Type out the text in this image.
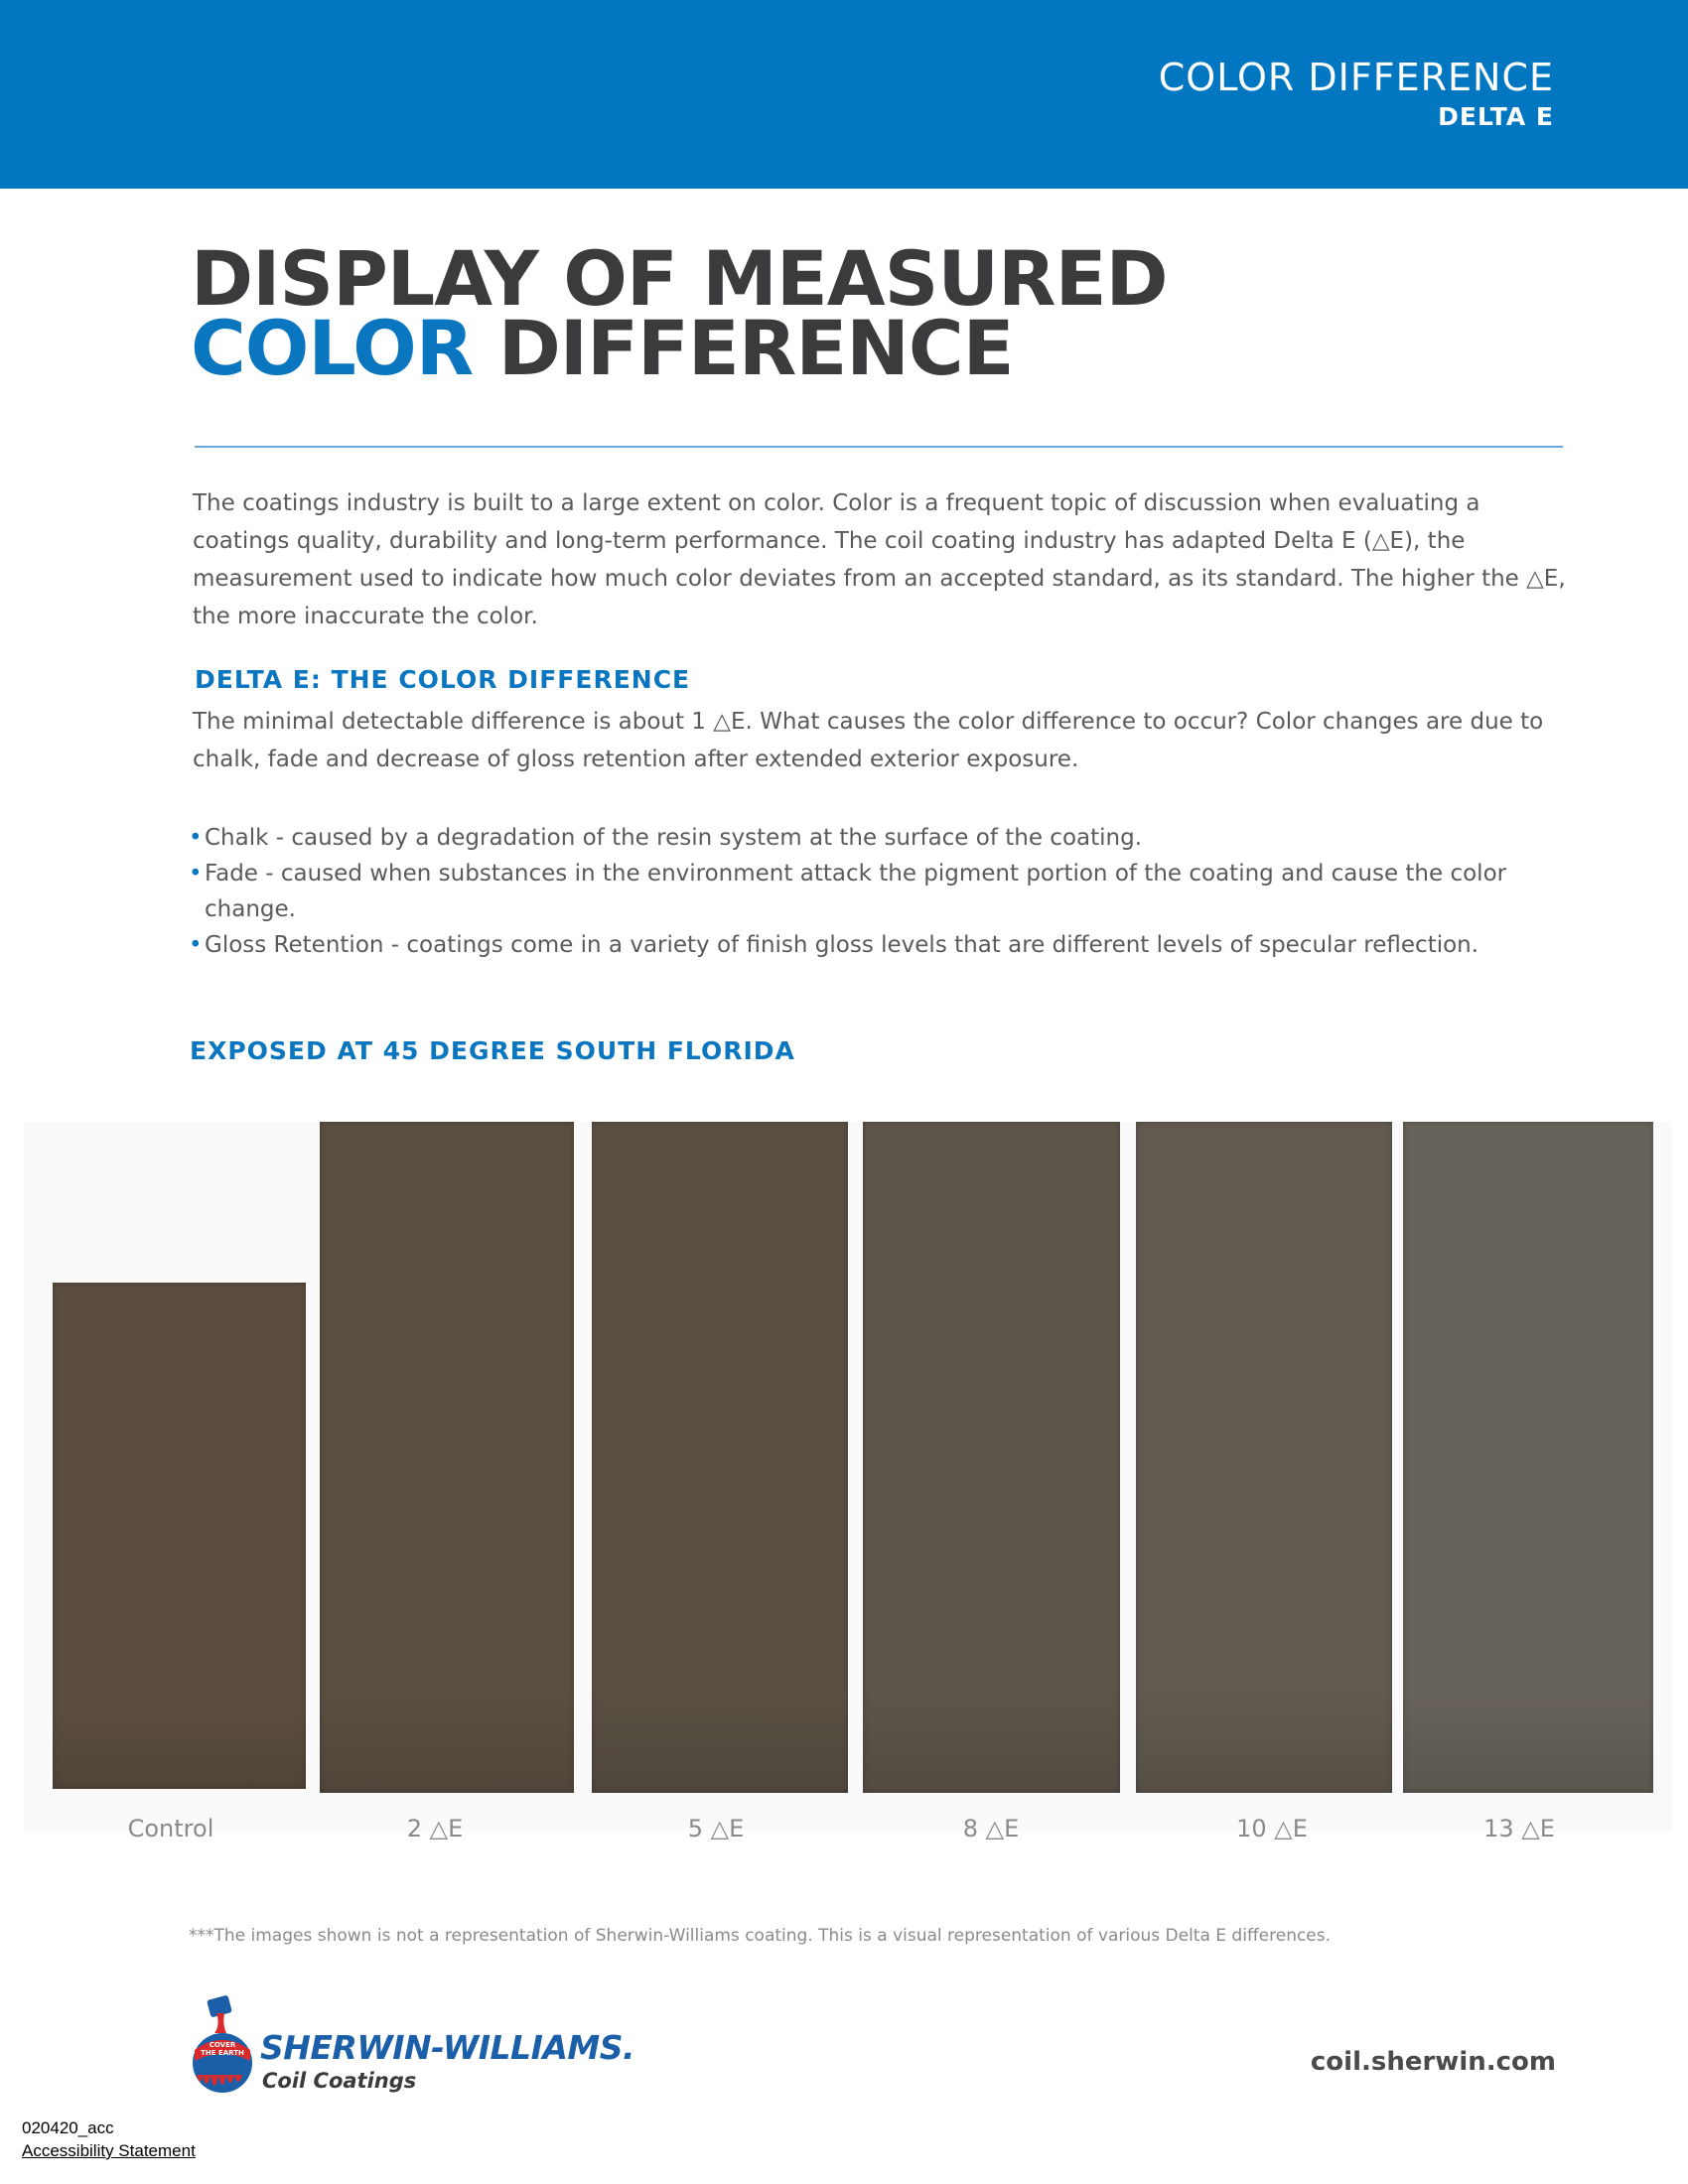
COLOR DIFFERENCE
DELTA E
DISPLAY OF MEASURED
COLOR DIFFERENCE

The coatings industry is built to a large extent on color. Color is a frequent topic of discussion when evaluating a coatings quality, durability and long-term performance. The coil coating industry has adapted Delta E (△E), the measurement used to indicate how much color deviates from an accepted standard, as its standard. The higher the △E, the more inaccurate the color.

DELTA E: THE COLOR DIFFERENCE

The minimal detectable difference is about 1 △E. What causes the color difference to occur? Color changes are due to chalk, fade and decrease of gloss retention after extended exterior exposure.

• Chalk - caused by a degradation of the resin system at the surface of the coating.
• Fade - caused when substances in the environment attack the pigment portion of the coating and cause the color change.
• Gloss Retention - coatings come in a variety of finish gloss levels that are different levels of specular reflection.
EXPOSED AT 45 DEGREE SOUTH FLORIDA
Control	2 △E	5 △E	8 △E	10 △E	13 △E
***The images shown is not a representation of Sherwin-Williams coating. This is a visual representation of various Delta E differences.
COVER THE EARTH SHERWIN-WILLIAMS.
Coil Coatings
coil.sherwin.com
020420_acc
Accessibility Statement
